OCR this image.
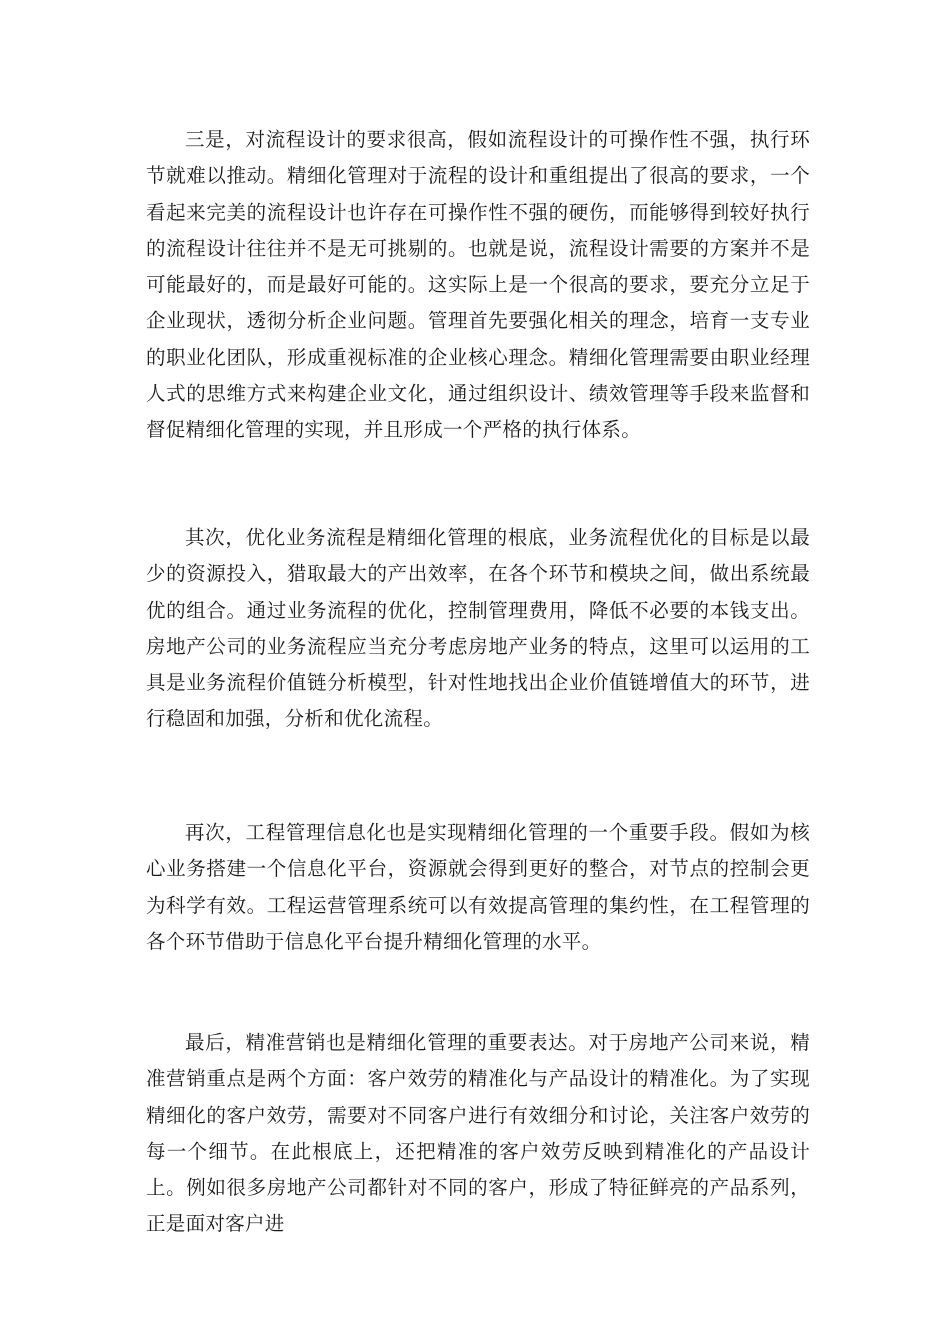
三是，对流程设计的要求很高，假如流程设计的可操作性不强，执行环节就难以推动。精细化管理对于流程的设计和重组提出了很高的要求，一个看起来完美的流程设计也许存在可操作性不强的硬伤，而能够得到较好执行的流程设计往往并不是无可挑剔的。也就是说，流程设计需要的方案并不是可能最好的，而是最好可能的。这实际上是一个很高的要求，要充分立足于企业现状，透彻分析企业问题。管理首先要强化相关的理念，培育一支专业的职业化团队，形成重视标准的企业核心理念。精细化管理需要由职业经理人式的思维方式来构建企业文化，通过组织设计、绩效管理等手段来监督和督促精细化管理的实现，并且形成一个严格的执行体系。

其次，优化业务流程是精细化管理的根底，业务流程优化的目标是以最少的资源投入，猎取最大的产出效率，在各个环节和模块之间，做出系统最优的组合。通过业务流程的优化，控制管理费用，降低不必要的本钱支出。房地产公司的业务流程应当充分考虑房地产业务的特点，这里可以运用的工具是业务流程价值链分析模型，针对性地找出企业价值链增值大的环节，进行稳固和加强，分析和优化流程。

再次，工程管理信息化也是实现精细化管理的一个重要手段。假如为核心业务搭建一个信息化平台，资源就会得到更好的整合，对节点的控制会更为科学有效。工程运营管理系统可以有效提高管理的集约性，在工程管理的各个环节借助于信息化平台提升精细化管理的水平。

最后，精准营销也是精细化管理的重要表达。对于房地产公司来说，精准营销重点是两个方面：客户效劳的精准化与产品设计的精准化。为了实现精细化的客户效劳，需要对不同客户进行有效细分和讨论，关注客户效劳的每一个细节。在此根底上，还把精准的客户效劳反映到精准化的产品设计上。例如很多房地产公司都针对不同的客户，形成了特征鲜亮的产品系列，正是面对客户进
